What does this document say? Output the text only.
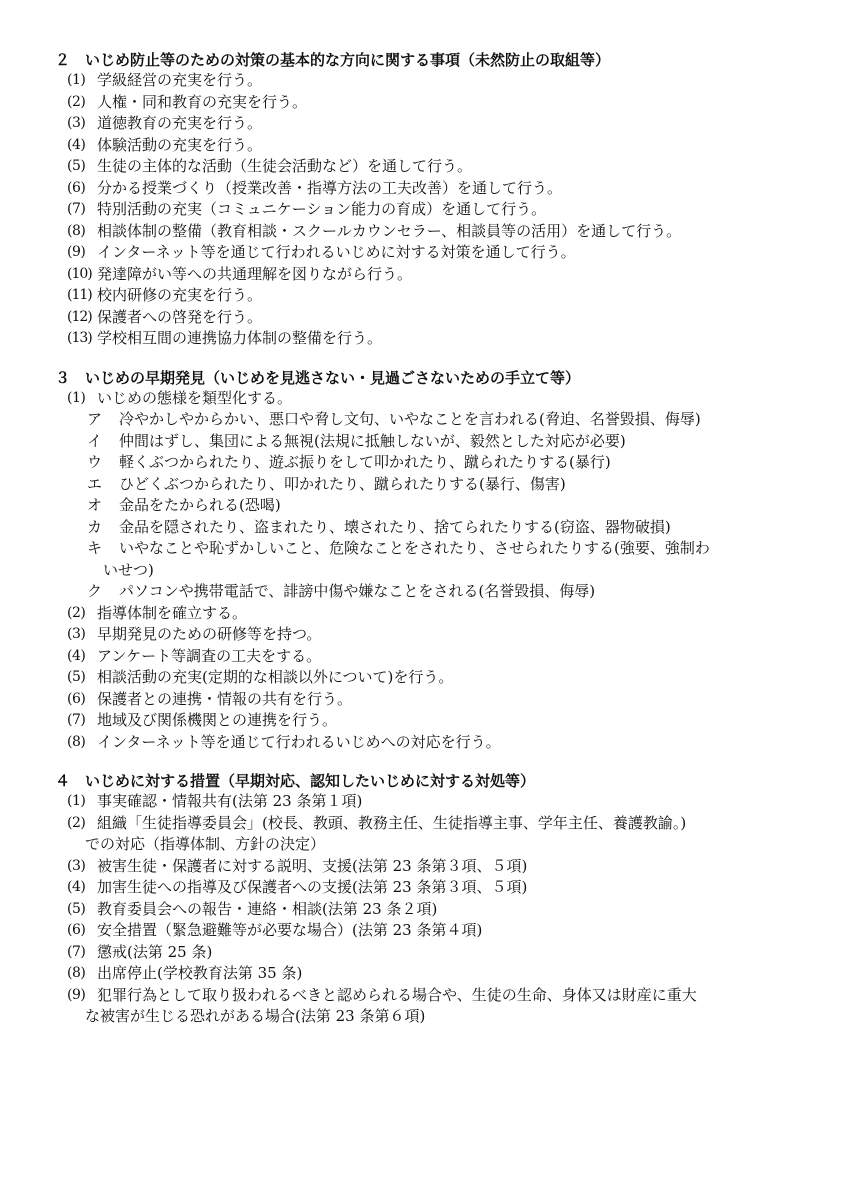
２　いじめ防止等のための対策の基本的な方向に関する事項（未然防止の取組等）
(1) 学級経営の充実を行う。
(2) 人権・同和教育の充実を行う。
(3) 道徳教育の充実を行う。
(4) 体験活動の充実を行う。
(5) 生徒の主体的な活動（生徒会活動など）を通して行う。
(6) 分かる授業づくり（授業改善・指導方法の工夫改善）を通して行う。
(7) 特別活動の充実（コミュニケーション能力の育成）を通して行う。
(8) 相談体制の整備（教育相談・スクールカウンセラー、相談員等の活用）を通して行う。
(9) インターネット等を通じて行われるいじめに対する対策を通して行う。
(10) 発達障がい等への共通理解を図りながら行う。
(11) 校内研修の充実を行う。
(12) 保護者への啓発を行う。
(13) 学校相互間の連携協力体制の整備を行う。
３　いじめの早期発見（いじめを見逃さない・見過ごさないための手立て等）
(1) いじめの態様を類型化する。
ア	冷やかしやからかい、悪口や脅し文句、いやなことを言われる(脅迫、名誉毀損、侮辱)
イ	仲間はずし、集団による無視(法規に抵触しないが、毅然とした対応が必要)
ウ	軽くぶつかられたり、遊ぶ振りをして叩かれたり、蹴られたりする(暴行)
エ	ひどくぶつかられたり、叩かれたり、蹴られたりする(暴行、傷害)
オ	金品をたかられる(恐喝)
カ	金品を隠されたり、盗まれたり、壊されたり、捨てられたりする(窃盗、器物破損)
キ	いやなことや恥ずかしいこと、危険なことをされたり、させられたりする(強要、強制わ
いせつ)
ク	パソコンや携帯電話で、誹謗中傷や嫌なことをされる(名誉毀損、侮辱)
(2) 指導体制を確立する。
(3) 早期発見のための研修等を持つ。
(4) アンケート等調査の工夫をする。
(5) 相談活動の充実(定期的な相談以外について)を行う。
(6) 保護者との連携・情報の共有を行う。
(7) 地域及び関係機関との連携を行う。
(8) インターネット等を通じて行われるいじめへの対応を行う。
４　いじめに対する措置（早期対応、認知したいじめに対する対処等）
(1) 事実確認・情報共有(法第 23 条第１項)
(2) 組織「生徒指導委員会」(校長、教頭、教務主任、生徒指導主事、学年主任、養護教諭。)
での対応（指導体制、方針の決定）
(3) 被害生徒・保護者に対する説明、支援(法第 23 条第３項、５項)
(4) 加害生徒への指導及び保護者への支援(法第 23 条第３項、５項)
(5) 教育委員会への報告・連絡・相談(法第 23 条２項)
(6) 安全措置（緊急避難等が必要な場合）(法第 23 条第４項)
(7) 懲戒(法第 25 条)
(8) 出席停止(学校教育法第 35 条)
(9) 犯罪行為として取り扱われるべきと認められる場合や、生徒の生命、身体又は財産に重大
な被害が生じる恐れがある場合(法第 23 条第６項)
